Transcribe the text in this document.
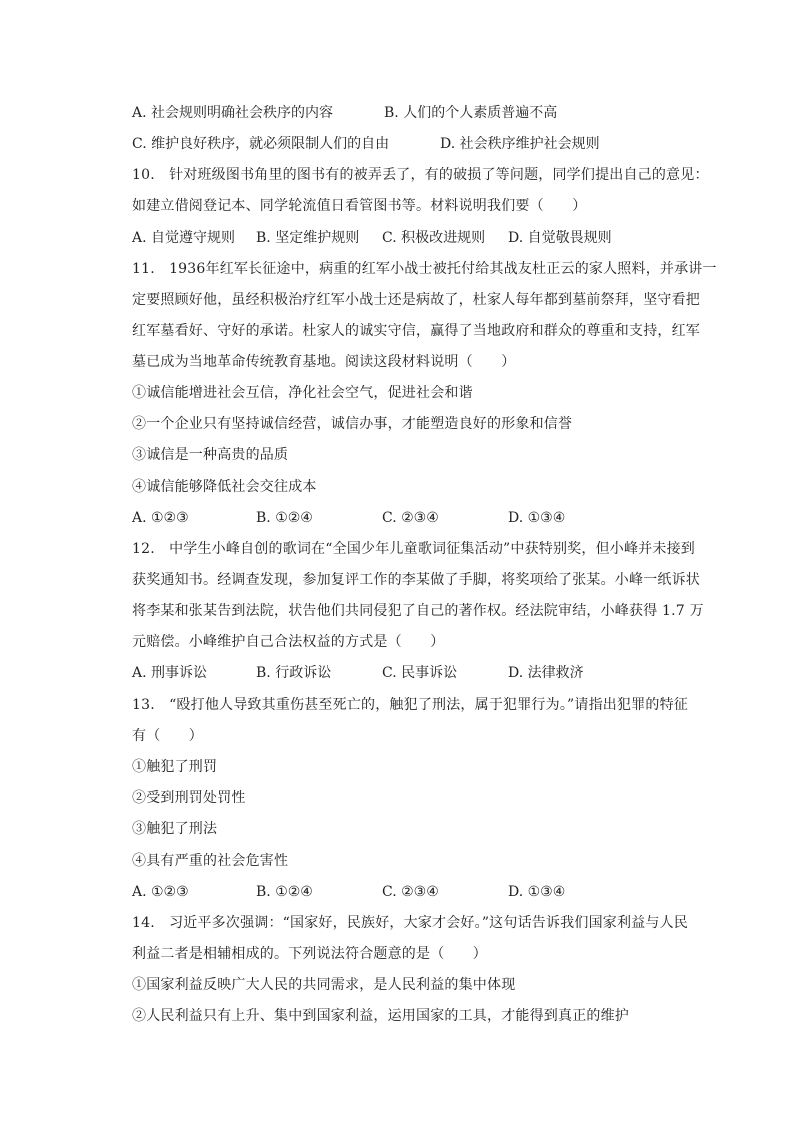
A. 社会规则明确社会秩序的内容	B. 人们的个人素质普遍不高
C. 维护良好秩序，就必须限制人们的自由	D. 社会秩序维护社会规则
10.　针对班级图书角里的图书有的被弄丢了，有的破损了等问题，同学们提出自己的意见：
如建立借阅登记本、同学轮流值日看管图书等。材料说明我们要（　　）
A. 自觉遵守规则 B. 坚定维护规则 C. 积极改进规则 D. 自觉敬畏规则
11.　1936年红军长征途中，病重的红军小战士被托付给其战友杜正云的家人照料，并承讲一
定要照顾好他，虽经积极治疗红军小战士还是病故了，杜家人每年都到墓前祭拜，坚守看把
红军墓看好、守好的承诺。杜家人的诚实守信，赢得了当地政府和群众的尊重和支持，红军
墓已成为当地革命传统教育基地。阅读这段材料说明（　　）
①诚信能增进社会互信，净化社会空气，促进社会和谐
②一个企业只有坚持诚信经营，诚信办事，才能塑造良好的形象和信誉
③诚信是一种高贵的品质
④诚信能够降低社会交往成本
A. ①②③	B. ①②④	C. ②③④	D. ①③④
12.　中学生小峰自创的歌词在“全国少年儿童歌词征集活动”中获特别奖，但小峰并未接到
获奖通知书。经调查发现，参加复评工作的李某做了手脚，将奖项给了张某。小峰一纸诉状
将李某和张某告到法院，状告他们共同侵犯了自己的著作权。经法院审结，小峰获得 1.7 万
元赔偿。小峰维护自己合法权益的方式是（　　）
A. 刑事诉讼	B. 行政诉讼	C. 民事诉讼	D. 法律救济
13.　“殴打他人导致其重伤甚至死亡的，触犯了刑法，属于犯罪行为。”请指出犯罪的特征
有（　　）
①触犯了刑罚
②受到刑罚处罚性
③触犯了刑法
④具有严重的社会危害性
A. ①②③	B. ①②④	C. ②③④	D. ①③④
14.　习近平多次强调：“国家好，民族好，大家才会好。”这句话告诉我们国家利益与人民
利益二者是相辅相成的。下列说法符合题意的是（　　）
①国家利益反映广大人民的共同需求，是人民利益的集中体现
②人民利益只有上升、集中到国家利益，运用国家的工具，才能得到真正的维护
